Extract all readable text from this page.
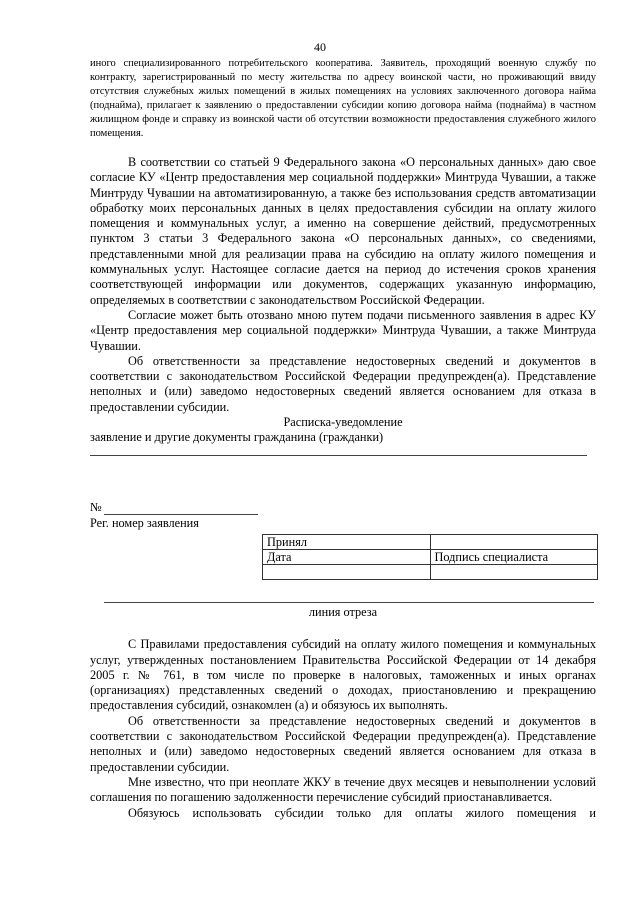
40

иного специализированного потребительского кооператива. Заявитель, проходящий военную службу по контракту, зарегистрированный по месту жительства по адресу воинской части, но проживающий ввиду отсутствия служебных жилых помещений в жилых помещениях на условиях заключенного договора найма (поднайма), прилагает к заявлению о предоставлении субсидии копию договора найма (поднайма) в частном жилищном фонде и справку из воинской части об отсутствии возможности предоставления служебного жилого помещения.

В соответствии со статьей 9 Федерального закона «О персональных данных» даю свое согласие КУ «Центр предоставления мер социальной поддержки» Минтруда Чувашии, а также Минтруду Чувашии на автоматизированную, а также без использования средств автоматизации обработку моих персональных данных в целях предоставления субсидии на оплату жилого помещения и коммунальных услуг, а именно на совершение действий, предусмотренных пунктом 3 статьи 3 Федерального закона «О персональных данных», со сведениями, представленными мной для реализации права на субсидию на оплату жилого помещения и коммунальных услуг. Настоящее согласие дается на период до истечения сроков хранения соответствующей информации или документов, содержащих указанную информацию, определяемых в соответствии с законодательством Российской Федерации.

Согласие может быть отозвано мною путем подачи письменного заявления в адрес КУ «Центр предоставления мер социальной поддержки» Минтруда Чувашии, а также Минтруда Чувашии.

Об ответственности за представление недостоверных сведений и документов в соответствии с законодательством Российской Федерации предупрежден(а). Представление неполных и (или) заведомо недостоверных сведений является основанием для отказа в предоставлении субсидии.

Расписка-уведомление

заявление и другие документы гражданина (гражданки)

№

Рег. номер заявления

Принял	
Дата	Подпись специалиста

линия отреза

С Правилами предоставления субсидий на оплату жилого помещения и коммунальных услуг, утвержденных постановлением Правительства Российской Федерации от 14 декабря 2005 г. № 761, в том числе по проверке в налоговых, таможенных и иных органах (организациях) представленных сведений о доходах, приостановлению и прекращению предоставления субсидий, ознакомлен (а) и обязуюсь их выполнять.

Об ответственности за представление недостоверных сведений и документов в соответствии с законодательством Российской Федерации предупрежден(а). Представление неполных и (или) заведомо недостоверных сведений является основанием для отказа в предоставлении субсидии.

Мне известно, что при неоплате ЖКУ в течение двух месяцев и невыполнении условий соглашения по погашению задолженности перечисление субсидий приостанавливается.

Обязуюсь использовать субсидии только для оплаты жилого помещения и
